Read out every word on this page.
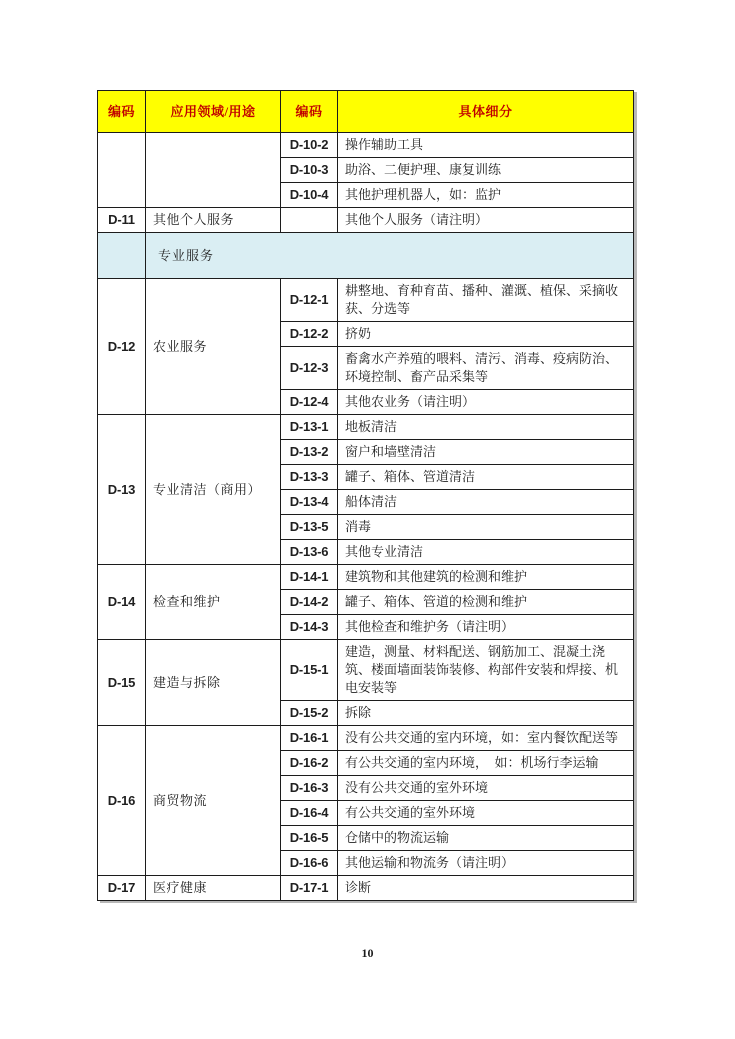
编码	应用领域/用途	编码	具体细分
		D-10-2	操作辅助工具
		D-10-3	助浴、二便护理、康复训练
		D-10-4	其他护理机器人，如：监护
D-11	其他个人服务		其他个人服务（请注明）
	专业服务		
D-12	农业服务	D-12-1	耕整地、育种育苗、播种、灌溉、植保、采摘收获、分选等
		D-12-2	挤奶
		D-12-3	畜禽水产养殖的喂料、清污、消毒、疫病防治、环境控制、畜产品采集等
		D-12-4	其他农业务（请注明）
D-13	专业清洁（商用）	D-13-1	地板清洁
		D-13-2	窗户和墙壁清洁
		D-13-3	罐子、箱体、管道清洁
		D-13-4	船体清洁
		D-13-5	消毒
		D-13-6	其他专业清洁
D-14	检查和维护	D-14-1	建筑物和其他建筑的检测和维护
		D-14-2	罐子、箱体、管道的检测和维护
		D-14-3	其他检查和维护务（请注明）
D-15	建造与拆除	D-15-1	建造，测量、材料配送、钢筋加工、混凝土浇筑、楼面墙面装饰装修、构部件安装和焊接、机电安装等
		D-15-2	拆除
D-16	商贸物流	D-16-1	没有公共交通的室内环境，如：室内餐饮配送等
		D-16-2	有公共交通的室内环境，　如：机场行李运输
		D-16-3	没有公共交通的室外环境
		D-16-4	有公共交通的室外环境
		D-16-5	仓储中的物流运输
		D-16-6	其他运输和物流务（请注明）
D-17	医疗健康	D-17-1	诊断
10
